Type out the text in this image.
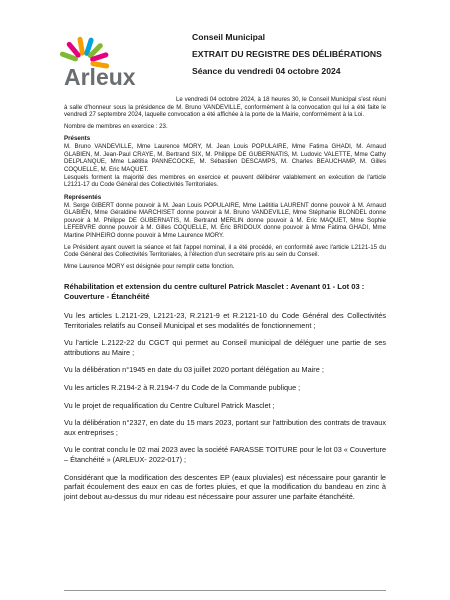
Arleux
Conseil Municipal
EXTRAIT DU REGISTRE DES DÉLIBÉRATIONS
Séance du vendredi 04 octobre 2024

Le vendredi 04 octobre 2024, à 18 heures 30, le Conseil Municipal s'est réuni à salle d'honneur sous la présidence de M. Bruno VANDEVILLE, conformément à la convocation qui lui a été faite le vendredi 27 septembre 2024, laquelle convocation a été affichée à la porte de la Mairie, conformément à la Loi.

Nombre de membres en exercice : 23.

Présents

M. Bruno VANDEVILLE, Mme Laurence MORY, M. Jean Louis POPULAIRE, Mme Fatima GHADI, M. Arnaud GLABIEN, M. Jean-Paul CRAYE, M. Bertrand SIX, M. Philippe DE GUBERNATIS, M. Ludovic VALETTE, Mme Cathy DELPLANQUE, Mme Laëtitia PANNECOCKE, M. Sébastien DESCAMPS, M. Charles BEAUCHAMP, M. Gilles COQUELLE, M. Eric MAQUET.

Lesquels forment la majorité des membres en exercice et peuvent délibérer valablement en exécution de l'article L2121-17 du Code Général des Collectivités Territoriales.

Représentés

M. Serge GIBERT donne pouvoir à M. Jean Louis POPULAIRE, Mme Laëtitia LAURENT donne pouvoir à M. Arnaud GLABIEN, Mme Géraldine MARCHISET donne pouvoir à M. Bruno VANDEVILLE, Mme Stéphanie BLONDEL donne pouvoir à M. Philippe DE GUBERNATIS, M. Bertrand MERLIN donne pouvoir à M. Eric MAQUET, Mme Sophie LEFEBVRE donne pouvoir à M. Gilles COQUELLE, M. Éric BRIDOUX donne pouvoir à Mme Fatima GHADI, Mme Martine PINHEIRO donne pouvoir à Mme Laurence MORY.

Le Président ayant ouvert la séance et fait l'appel nominal, il a été procédé, en conformité avec l'article L2121-15 du Code Général des Collectivités Territoriales, à l'élection d'un secrétaire pris au sein du Conseil.

Mme Laurence MORY est désignée pour remplir cette fonction.

Réhabilitation et extension du centre culturel Patrick Masclet : Avenant 01 - Lot 03 : Couverture - Étanchéité

Vu les articles L.2121-29, L2121-23, R.2121-9 et R.2121-10 du Code Général des Collectivités Territoriales relatifs au Conseil Municipal et ses modalités de fonctionnement ;

Vu l'article L.2122-22 du CGCT qui permet au Conseil municipal de déléguer une partie de ses attributions au Maire ;

Vu la délibération n°1945 en date du 03 juillet 2020 portant délégation au Maire ;

Vu les articles R.2194-2 à R.2194-7 du Code de la Commande publique ;

Vu le projet de requalification du Centre Culturel Patrick Masclet ;

Vu la délibération n°2327, en date du 15 mars 2023, portant sur l'attribution des contrats de travaux aux entreprises ;

Vu le contrat conclu le 02 mai 2023 avec la société FARASSE TOITURE pour le lot 03 « Couverture – Étanchéité » (ARLEUX- 2022-017) ;

Considérant que la modification des descentes EP (eaux pluviales) est nécessaire pour garantir le parfait écoulement des eaux en cas de fortes pluies, et que la modification du bandeau en zinc à joint debout au-dessus du mur rideau est nécessaire pour assurer une parfaite étanchéité.
